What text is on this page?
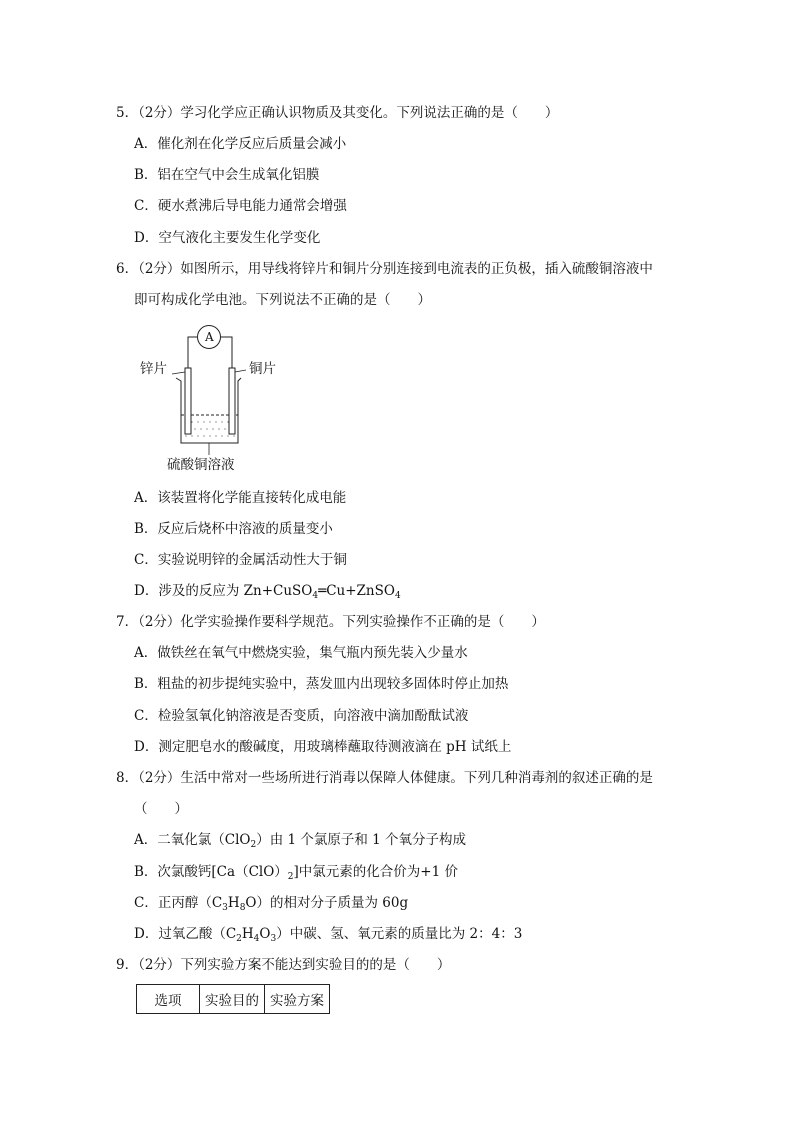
5．（2分）学习化学应正确认识物质及其变化。下列说法正确的是（　　）
A．催化剂在化学反应后质量会减小
B．铝在空气中会生成氧化铝膜
C．硬水煮沸后导电能力通常会增强
D．空气液化主要发生化学变化
6．（2分）如图所示，用导线将锌片和铜片分别连接到电流表的正负极，插入硫酸铜溶液中
即可构成化学电池。下列说法不正确的是（　　）
A
锌片	铜片
硫酸铜溶液
A．该装置将化学能直接转化成电能
B．反应后烧杯中溶液的质量变小
C．实验说明锌的金属活动性大于铜
D．涉及的反应为 Zn+CuSO$_4$═Cu+ZnSO$_4$
7．（2分）化学实验操作要科学规范。下列实验操作不正确的是（　　）
A．做铁丝在氧气中燃烧实验，集气瓶内预先装入少量水
B．粗盐的初步提纯实验中，蒸发皿内出现较多固体时停止加热
C．检验氢氧化钠溶液是否变质，向溶液中滴加酚酞试液
D．测定肥皂水的酸碱度，用玻璃棒蘸取待测液滴在 pH 试纸上
8．（2分）生活中常对一些场所进行消毒以保障人体健康。下列几种消毒剂的叙述正确的是
（　　）
A．二氧化氯（ClO$_2$）由 1 个氯原子和 1 个氧分子构成
B．次氯酸钙$[Ca(ClO)_2]$中氯元素的化合价为+1 价
C．正丙醇$(C_3H_8O)$的相对分子质量为 60g
D．过氧乙酸$(C_2H_4O_3)$中碳、氢、氧元素的质量比为 2：4：3
9．（2分）下列实验方案不能达到实验目的的是（　　）
选项	实验目的	实验方案
